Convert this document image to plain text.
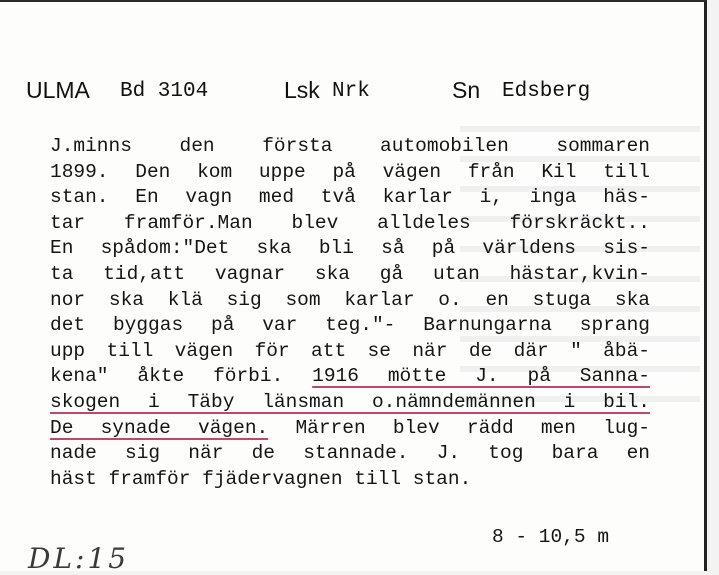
ULMA Bd 3104	Lsk Nrk	Sn Edsberg
J.minns den första automobilen sommaren
1899. Den kom uppe på vägen från Kil till
stan. En vagn med två karlar i, inga häs-
tar framför.Man blev alldeles förskräckt..
En spådom:"Det ska bli så på världens sis-
ta tid,att vagnar ska gå utan hästar,kvin-
nor ska klä sig som karlar o. en stuga ska
det byggas på var teg."- Barnungarna sprang
upp till vägen för att se när de där " åbä-
kena" åkte förbi. 1916 mötte J. på Sanna-
skogen i Täby länsman o.nämndemännen i bil.
De synade vägen. Märren blev rädd men lug-
nade sig när de stannade. J. tog bara en
häst framför fjädervagnen till stan.
8 - 10,5 m
DL:15
